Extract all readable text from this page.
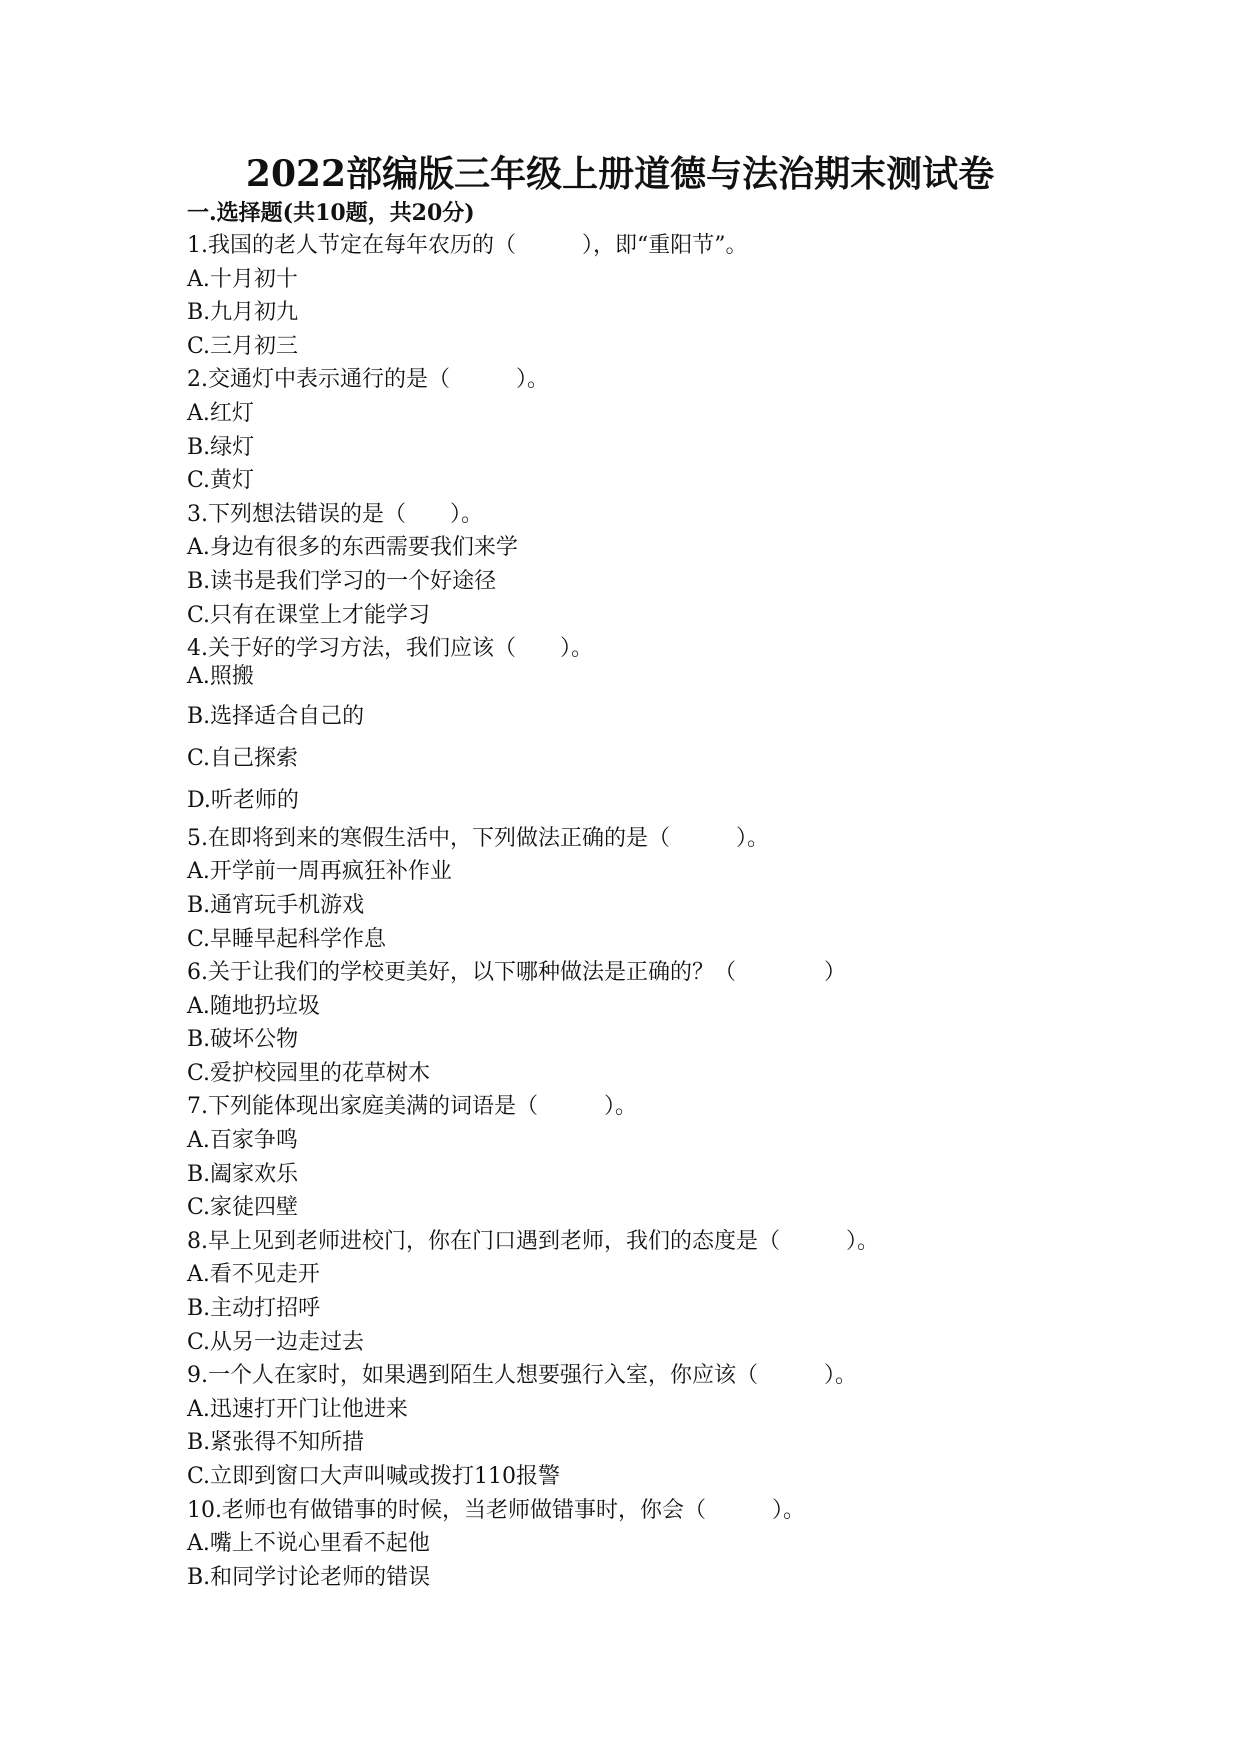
2022部编版三年级上册道德与法治期末测试卷
一.选择题(共10题，共20分)
1.我国的老人节定在每年农历的（　　　），即“重阳节”。
A.十月初十
B.九月初九
C.三月初三
2.交通灯中表示通行的是（　　　）。
A.红灯
B.绿灯
C.黄灯
3.下列想法错误的是（　　）。
A.身边有很多的东西需要我们来学
B.读书是我们学习的一个好途径
C.只有在课堂上才能学习
4.关于好的学习方法，我们应该（　　）。
A.照搬
B.选择适合自己的
C.自己探索
D.听老师的
5.在即将到来的寒假生活中，下列做法正确的是（　　　）。
A.开学前一周再疯狂补作业
B.通宵玩手机游戏
C.早睡早起科学作息
6.关于让我们的学校更美好，以下哪种做法是正确的？（　　　　）
A.随地扔垃圾
B.破坏公物
C.爱护校园里的花草树木
7.下列能体现出家庭美满的词语是（　　　）。
A.百家争鸣
B.阖家欢乐
C.家徒四壁
8.早上见到老师进校门，你在门口遇到老师，我们的态度是（　　　）。
A.看不见走开
B.主动打招呼
C.从另一边走过去
9.一个人在家时，如果遇到陌生人想要强行入室，你应该（　　　）。
A.迅速打开门让他进来
B.紧张得不知所措
C.立即到窗口大声叫喊或拨打110报警
10.老师也有做错事的时候，当老师做错事时，你会（　　　）。
A.嘴上不说心里看不起他
B.和同学讨论老师的错误
